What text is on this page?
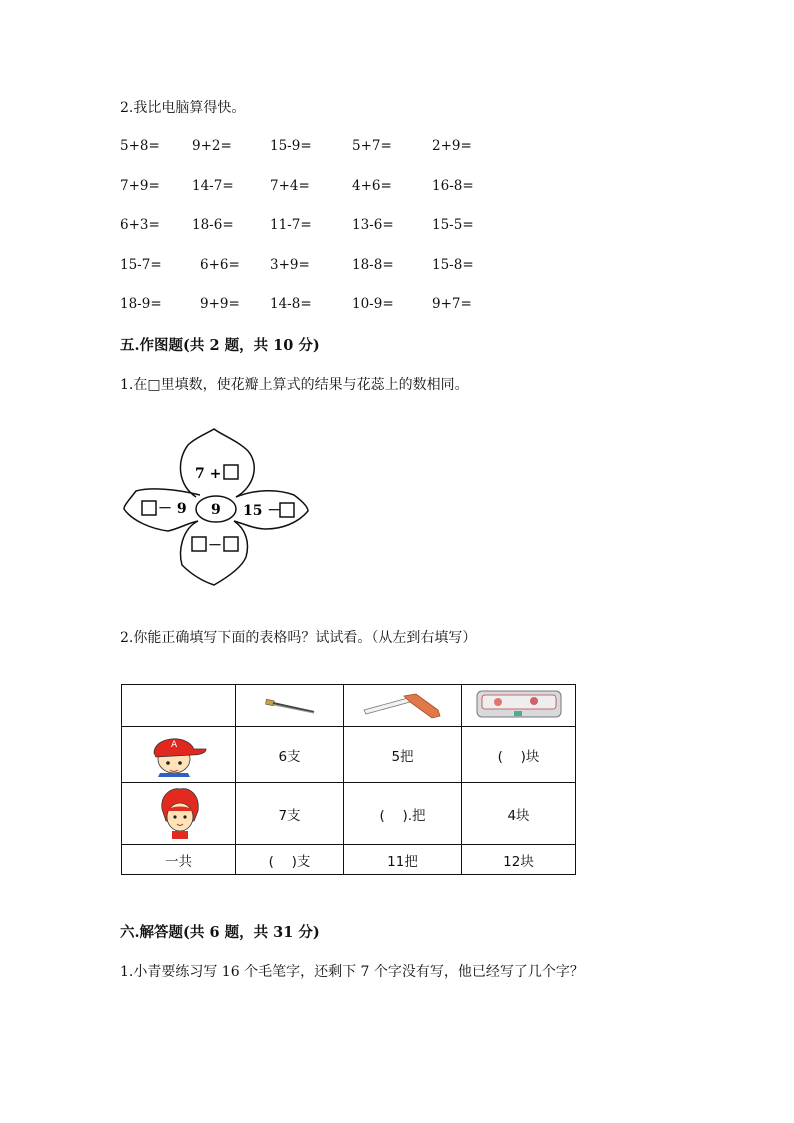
2.我比电脑算得快。
5+8= 9+2=	15-9=	5+7=	2+9=
7+9= 14-7=	7+4=	4+6=	16-8=
6+3= 18-6=	11-7=	13-6=	15-5=
15-7=	6+6= 3+9=	18-8=	15-8=
18-9=	9+9= 14-8=	10-9=	9+7=
五.作图题(共 2 题，共 10 分)
1.在□里填数，使花瓣上算式的结果与花蕊上的数相同。
7 +
－ 9	15 －
－
9
2.你能正确填写下面的表格吗？试试看。（从左到右填写）

A	6支	5把	(　 )块
	7支	(　 ).把	4块
一共	(　 )支	11把	12块
六.解答题(共 6 题，共 31 分)
1.小青要练习写 16 个毛笔字，还剩下 7 个字没有写，他已经写了几个字？
